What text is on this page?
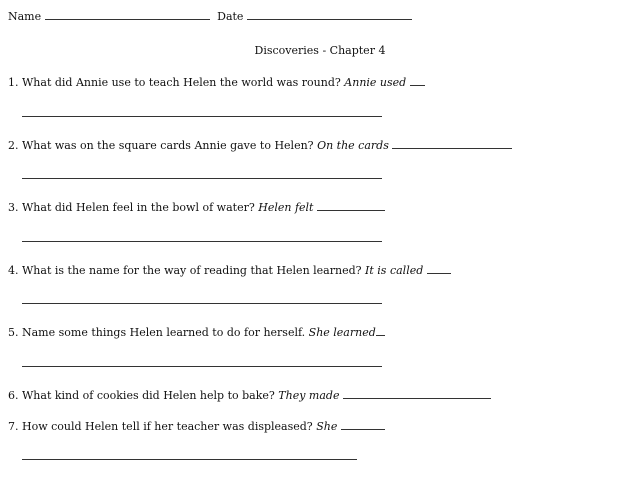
Name	Date
Discoveries - Chapter 4
1. What did Annie use to teach Helen the world was round? Annie used
2. What was on the square cards Annie gave to Helen? On the cards
3. What did Helen feel in the bowl of water? Helen felt
4. What is the name for the way of reading that Helen learned? It is called
5. Name some things Helen learned to do for herself. She learned
6. What kind of cookies did Helen help to bake? They made
7. How could Helen tell if her teacher was displeased? She
